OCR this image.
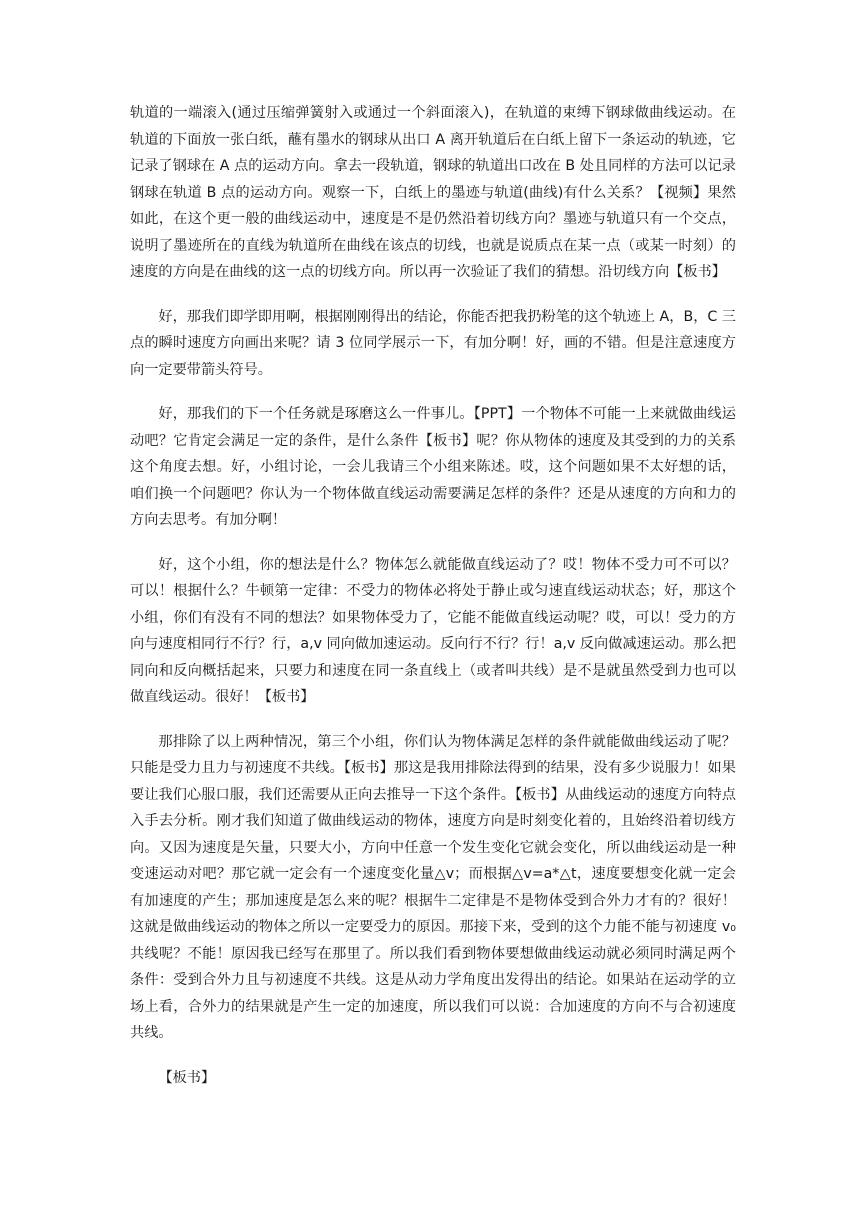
轨道的一端滚入(通过压缩弹簧射入或通过一个斜面滚入)，在轨道的束缚下钢球做曲线运动。在轨道的下面放一张白纸，蘸有墨水的钢球从出口 A 离开轨道后在白纸上留下一条运动的轨迹，它记录了钢球在 A 点的运动方向。拿去一段轨道，钢球的轨道出口改在 B 处且同样的方法可以记录钢球在轨道 B 点的运动方向。观察一下，白纸上的墨迹与轨道(曲线)有什么关系？【视频】果然如此，在这个更一般的曲线运动中，速度是不是仍然沿着切线方向？墨迹与轨道只有一个交点，说明了墨迹所在的直线为轨道所在曲线在该点的切线，也就是说质点在某一点（或某一时刻）的速度的方向是在曲线的这一点的切线方向。所以再一次验证了我们的猜想。沿切线方向【板书】

好，那我们即学即用啊，根据刚刚得出的结论，你能否把我扔粉笔的这个轨迹上 A，B，C 三点的瞬时速度方向画出来呢？请 3 位同学展示一下，有加分啊！好，画的不错。但是注意速度方向一定要带箭头符号。

好，那我们的下一个任务就是琢磨这么一件事儿。【PPT】一个物体不可能一上来就做曲线运动吧？它肯定会满足一定的条件，是什么条件【板书】呢？你从物体的速度及其受到的力的关系这个角度去想。好，小组讨论，一会儿我请三个小组来陈述。哎，这个问题如果不太好想的话，咱们换一个问题吧？你认为一个物体做直线运动需要满足怎样的条件？还是从速度的方向和力的方向去思考。有加分啊！

好，这个小组，你的想法是什么？物体怎么就能做直线运动了？哎！物体不受力可不可以？可以！根据什么？牛顿第一定律：不受力的物体必将处于静止或匀速直线运动状态；好，那这个小组，你们有没有不同的想法？如果物体受力了，它能不能做直线运动呢？哎，可以！受力的方向与速度相同行不行？行，a,v 同向做加速运动。反向行不行？行！a,v 反向做减速运动。那么把同向和反向概括起来，只要力和速度在同一条直线上（或者叫共线）是不是就虽然受到力也可以做直线运动。很好！【板书】

那排除了以上两种情况，第三个小组，你们认为物体满足怎样的条件就能做曲线运动了呢？只能是受力且力与初速度不共线。【板书】那这是我用排除法得到的结果，没有多少说服力！如果要让我们心服口服，我们还需要从正向去推导一下这个条件。【板书】从曲线运动的速度方向特点入手去分析。刚才我们知道了做曲线运动的物体，速度方向是时刻变化着的，且始终沿着切线方向。又因为速度是矢量，只要大小，方向中任意一个发生变化它就会变化，所以曲线运动是一种变速运动对吧？那它就一定会有一个速度变化量△v；而根据△v=a*△t，速度要想变化就一定会有加速度的产生；那加速度是怎么来的呢？根据牛二定律是不是物体受到合外力才有的？很好！这就是做曲线运动的物体之所以一定要受力的原因。那接下来，受到的这个力能不能与初速度 v₀ 共线呢？不能！原因我已经写在那里了。所以我们看到物体要想做曲线运动就必须同时满足两个条件：受到合外力且与初速度不共线。这是从动力学角度出发得出的结论。如果站在运动学的立场上看，合外力的结果就是产生一定的加速度，所以我们可以说：合加速度的方向不与合初速度共线。

【板书】
